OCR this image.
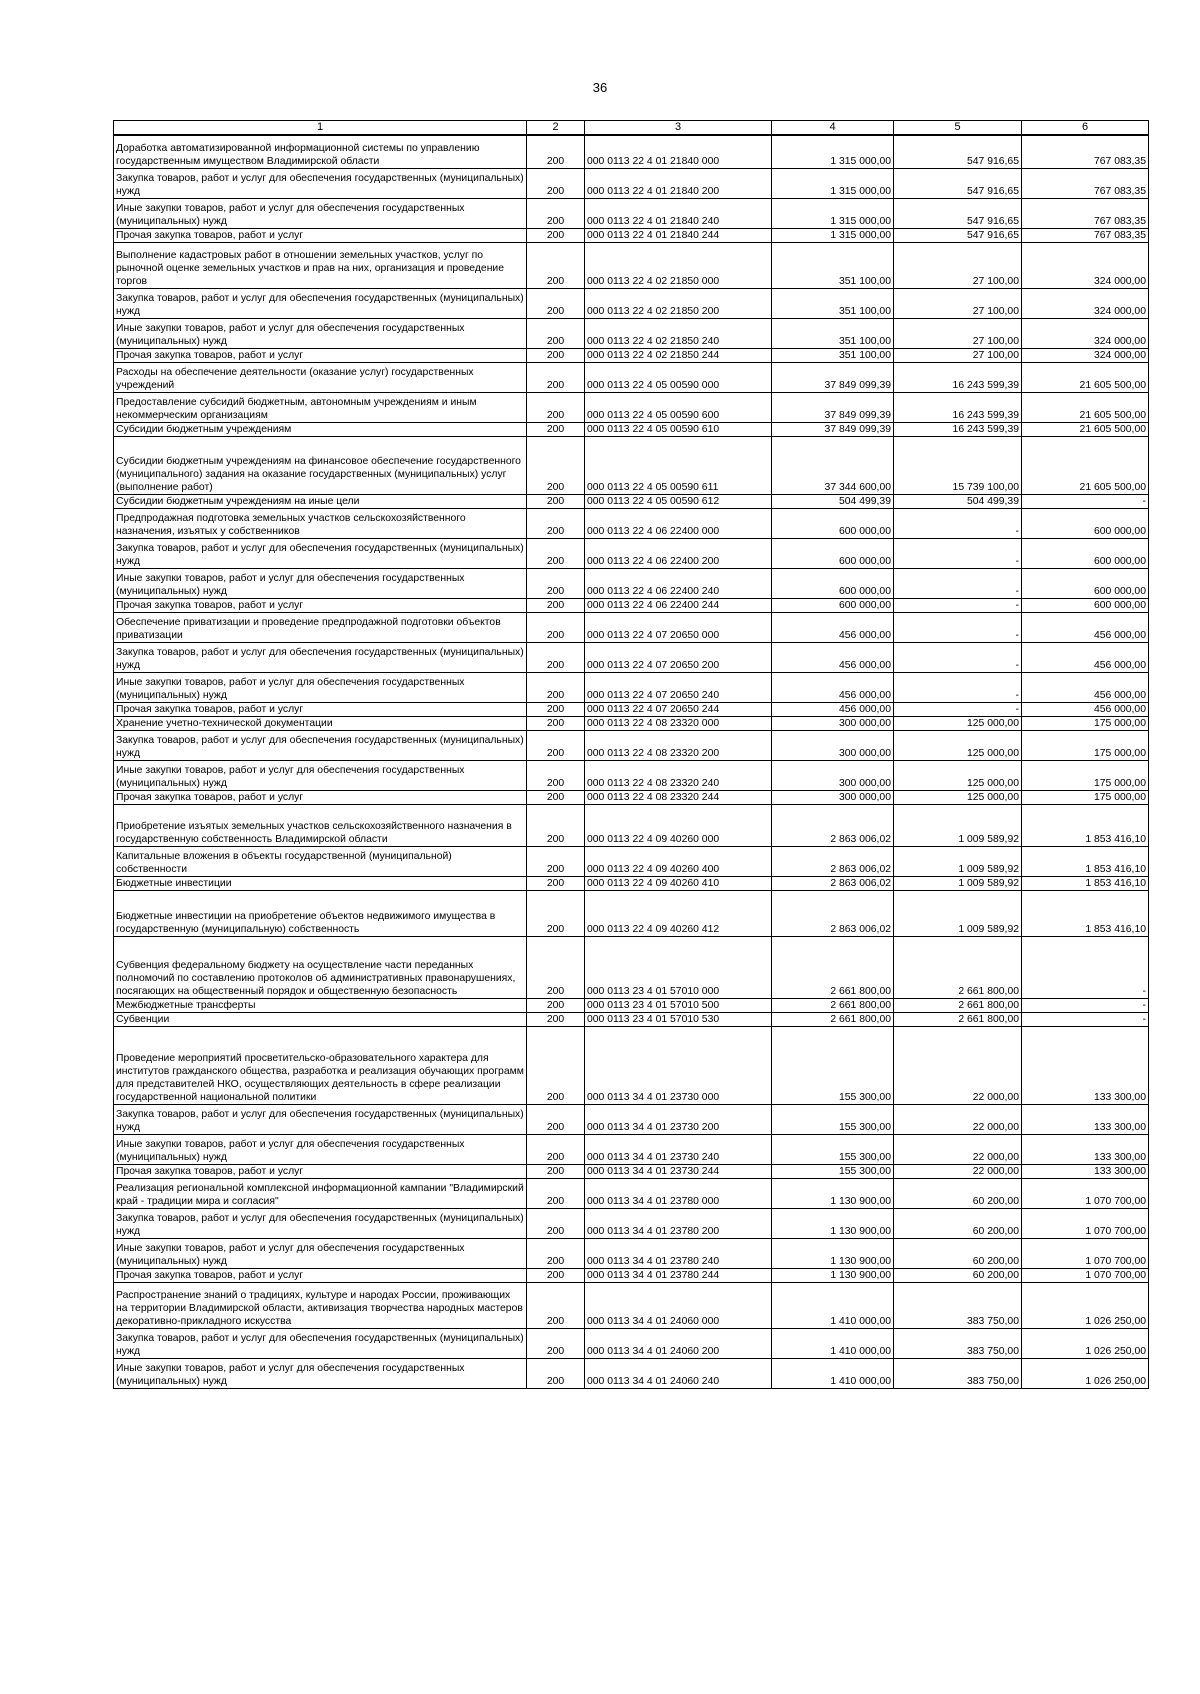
36
1	2	3	4	5	6
Доработка автоматизированной информационной системы по управлению государственным имуществом Владимирской области	200	000 0113 22 4 01 21840 000	1 315 000,00	547 916,65	767 083,35
Закупка товаров, работ и услуг для обеспечения государственных (муниципальных) нужд	200	000 0113 22 4 01 21840 200	1 315 000,00	547 916,65	767 083,35
Иные закупки товаров, работ и услуг для обеспечения государственных (муниципальных) нужд	200	000 0113 22 4 01 21840 240	1 315 000,00	547 916,65	767 083,35
Прочая закупка товаров, работ и услуг	200	000 0113 22 4 01 21840 244	1 315 000,00	547 916,65	767 083,35
Выполнение кадастровых работ в отношении земельных участков, услуг по рыночной оценке земельных участков и прав на них, организация и проведение торгов	200	000 0113 22 4 02 21850 000	351 100,00	27 100,00	324 000,00
Закупка товаров, работ и услуг для обеспечения государственных (муниципальных) нужд	200	000 0113 22 4 02 21850 200	351 100,00	27 100,00	324 000,00
Иные закупки товаров, работ и услуг для обеспечения государственных (муниципальных) нужд	200	000 0113 22 4 02 21850 240	351 100,00	27 100,00	324 000,00
Прочая закупка товаров, работ и услуг	200	000 0113 22 4 02 21850 244	351 100,00	27 100,00	324 000,00
Расходы на обеспечение деятельности (оказание услуг) государственных учреждений	200	000 0113 22 4 05 00590 000	37 849 099,39	16 243 599,39	21 605 500,00
Предоставление субсидий бюджетным, автономным учреждениям и иным некоммерческим организациям	200	000 0113 22 4 05 00590 600	37 849 099,39	16 243 599,39	21 605 500,00
Субсидии бюджетным учреждениям	200	000 0113 22 4 05 00590 610	37 849 099,39	16 243 599,39	21 605 500,00
Субсидии бюджетным учреждениям на финансовое обеспечение государственного (муниципального) задания на оказание государственных (муниципальных) услуг (выполнение работ)	200	000 0113 22 4 05 00590 611	37 344 600,00	15 739 100,00	21 605 500,00
Субсидии бюджетным учреждениям на иные цели	200	000 0113 22 4 05 00590 612	504 499,39	504 499,39	-
Предпродажная подготовка земельных участков сельскохозяйственного назначения, изъятых у собственников	200	000 0113 22 4 06 22400 000	600 000,00	-	600 000,00
Закупка товаров, работ и услуг для обеспечения государственных (муниципальных) нужд	200	000 0113 22 4 06 22400 200	600 000,00	-	600 000,00
Иные закупки товаров, работ и услуг для обеспечения государственных (муниципальных) нужд	200	000 0113 22 4 06 22400 240	600 000,00	-	600 000,00
Прочая закупка товаров, работ и услуг	200	000 0113 22 4 06 22400 244	600 000,00	-	600 000,00
Обеспечение приватизации и проведение предпродажной подготовки объектов приватизации	200	000 0113 22 4 07 20650 000	456 000,00	-	456 000,00
Закупка товаров, работ и услуг для обеспечения государственных (муниципальных) нужд	200	000 0113 22 4 07 20650 200	456 000,00	-	456 000,00
Иные закупки товаров, работ и услуг для обеспечения государственных (муниципальных) нужд	200	000 0113 22 4 07 20650 240	456 000,00	-	456 000,00
Прочая закупка товаров, работ и услуг	200	000 0113 22 4 07 20650 244	456 000,00	-	456 000,00
Хранение учетно-технической документации	200	000 0113 22 4 08 23320 000	300 000,00	125 000,00	175 000,00
Закупка товаров, работ и услуг для обеспечения государственных (муниципальных) нужд	200	000 0113 22 4 08 23320 200	300 000,00	125 000,00	175 000,00
Иные закупки товаров, работ и услуг для обеспечения государственных (муниципальных) нужд	200	000 0113 22 4 08 23320 240	300 000,00	125 000,00	175 000,00
Прочая закупка товаров, работ и услуг	200	000 0113 22 4 08 23320 244	300 000,00	125 000,00	175 000,00
Приобретение изъятых земельных участков сельскохозяйственного назначения в государственную собственность Владимирской области	200	000 0113 22 4 09 40260 000	2 863 006,02	1 009 589,92	1 853 416,10
Капитальные вложения в объекты государственной (муниципальной) собственности	200	000 0113 22 4 09 40260 400	2 863 006,02	1 009 589,92	1 853 416,10
Бюджетные инвестиции	200	000 0113 22 4 09 40260 410	2 863 006,02	1 009 589,92	1 853 416,10
Бюджетные инвестиции на приобретение объектов недвижимого имущества в государственную (муниципальную) собственность	200	000 0113 22 4 09 40260 412	2 863 006,02	1 009 589,92	1 853 416,10
Субвенция федеральному бюджету на осуществление части переданных полномочий по составлению протоколов об административных правонарушениях, посягающих на общественный порядок и общественную безопасность	200	000 0113 23 4 01 57010 000	2 661 800,00	2 661 800,00	-
Межбюджетные трансферты	200	000 0113 23 4 01 57010 500	2 661 800,00	2 661 800,00	-
Субвенции	200	000 0113 23 4 01 57010 530	2 661 800,00	2 661 800,00	-
Проведение мероприятий просветительско-образовательного характера для институтов гражданского общества, разработка и реализация обучающих программ для представителей НКО, осуществляющих деятельность в сфере реализации государственной национальной политики	200	000 0113 34 4 01 23730 000	155 300,00	22 000,00	133 300,00
Закупка товаров, работ и услуг для обеспечения государственных (муниципальных) нужд	200	000 0113 34 4 01 23730 200	155 300,00	22 000,00	133 300,00
Иные закупки товаров, работ и услуг для обеспечения государственных (муниципальных) нужд	200	000 0113 34 4 01 23730 240	155 300,00	22 000,00	133 300,00
Прочая закупка товаров, работ и услуг	200	000 0113 34 4 01 23730 244	155 300,00	22 000,00	133 300,00
Реализация региональной комплексной информационной кампании "Владимирский край - традиции мира и согласия"	200	000 0113 34 4 01 23780 000	1 130 900,00	60 200,00	1 070 700,00
Закупка товаров, работ и услуг для обеспечения государственных (муниципальных) нужд	200	000 0113 34 4 01 23780 200	1 130 900,00	60 200,00	1 070 700,00
Иные закупки товаров, работ и услуг для обеспечения государственных (муниципальных) нужд	200	000 0113 34 4 01 23780 240	1 130 900,00	60 200,00	1 070 700,00
Прочая закупка товаров, работ и услуг	200	000 0113 34 4 01 23780 244	1 130 900,00	60 200,00	1 070 700,00
Распространение знаний о традициях, культуре и народах России, проживающих на территории Владимирской области, активизация творчества народных мастеров декоративно-прикладного искусства	200	000 0113 34 4 01 24060 000	1 410 000,00	383 750,00	1 026 250,00
Закупка товаров, работ и услуг для обеспечения государственных (муниципальных) нужд	200	000 0113 34 4 01 24060 200	1 410 000,00	383 750,00	1 026 250,00
Иные закупки товаров, работ и услуг для обеспечения государственных (муниципальных) нужд	200	000 0113 34 4 01 24060 240	1 410 000,00	383 750,00	1 026 250,00
